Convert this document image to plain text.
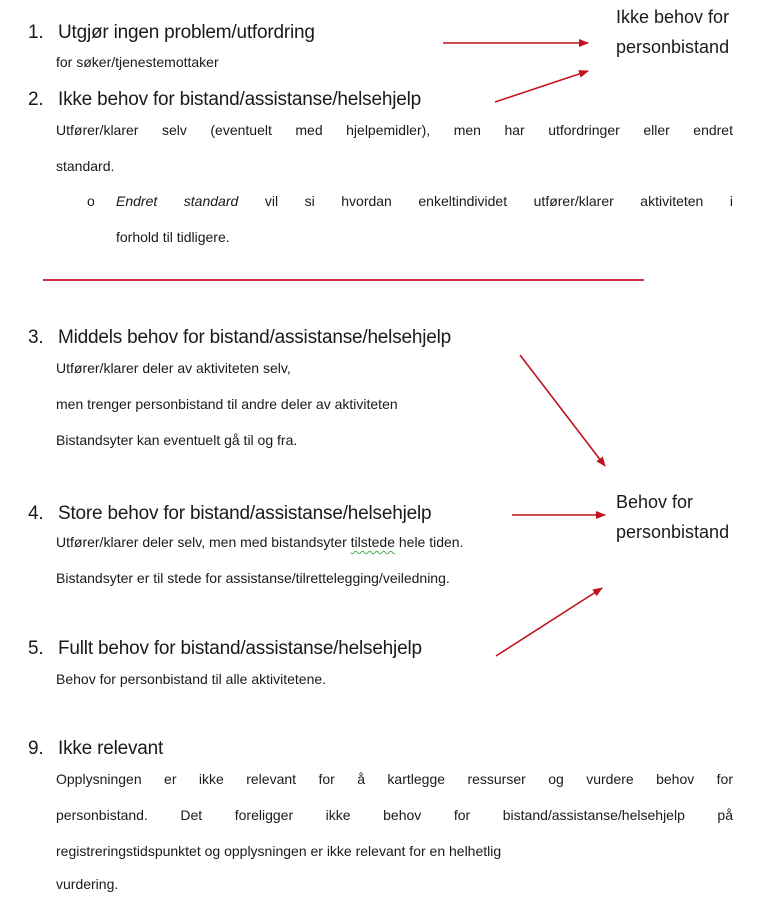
Ikke behov for
personbistand
Behov for
personbistand
1. Utgjør ingen problem/utfordring
for søker/tjenestemottaker
2. Ikke behov for bistand/assistanse/helsehjelp
Utfører/klarer selv (eventuelt med hjelpemidler), men har utfordringer eller endret
standard.
o Endret standard vil si hvordan enkeltindividet utfører/klarer aktiviteten i
forhold til tidligere.
3. Middels behov for bistand/assistanse/helsehjelp
Utfører/klarer deler av aktiviteten selv,
men trenger personbistand til andre deler av aktiviteten
Bistandsyter kan eventuelt gå til og fra.
4. Store behov for bistand/assistanse/helsehjelp
Utfører/klarer deler selv, men med bistandsyter tilstede hele tiden.
Bistandsyter er til stede for assistanse/tilrettelegging/veiledning.
5. Fullt behov for bistand/assistanse/helsehjelp
Behov for personbistand til alle aktivitetene.
9. Ikke relevant
Opplysningen er ikke relevant for å kartlegge ressurser og vurdere behov for
personbistand. Det foreligger ikke behov for bistand/assistanse/helsehjelp på
registreringstidspunktet og opplysningen er ikke relevant for en helhetlig
vurdering.
